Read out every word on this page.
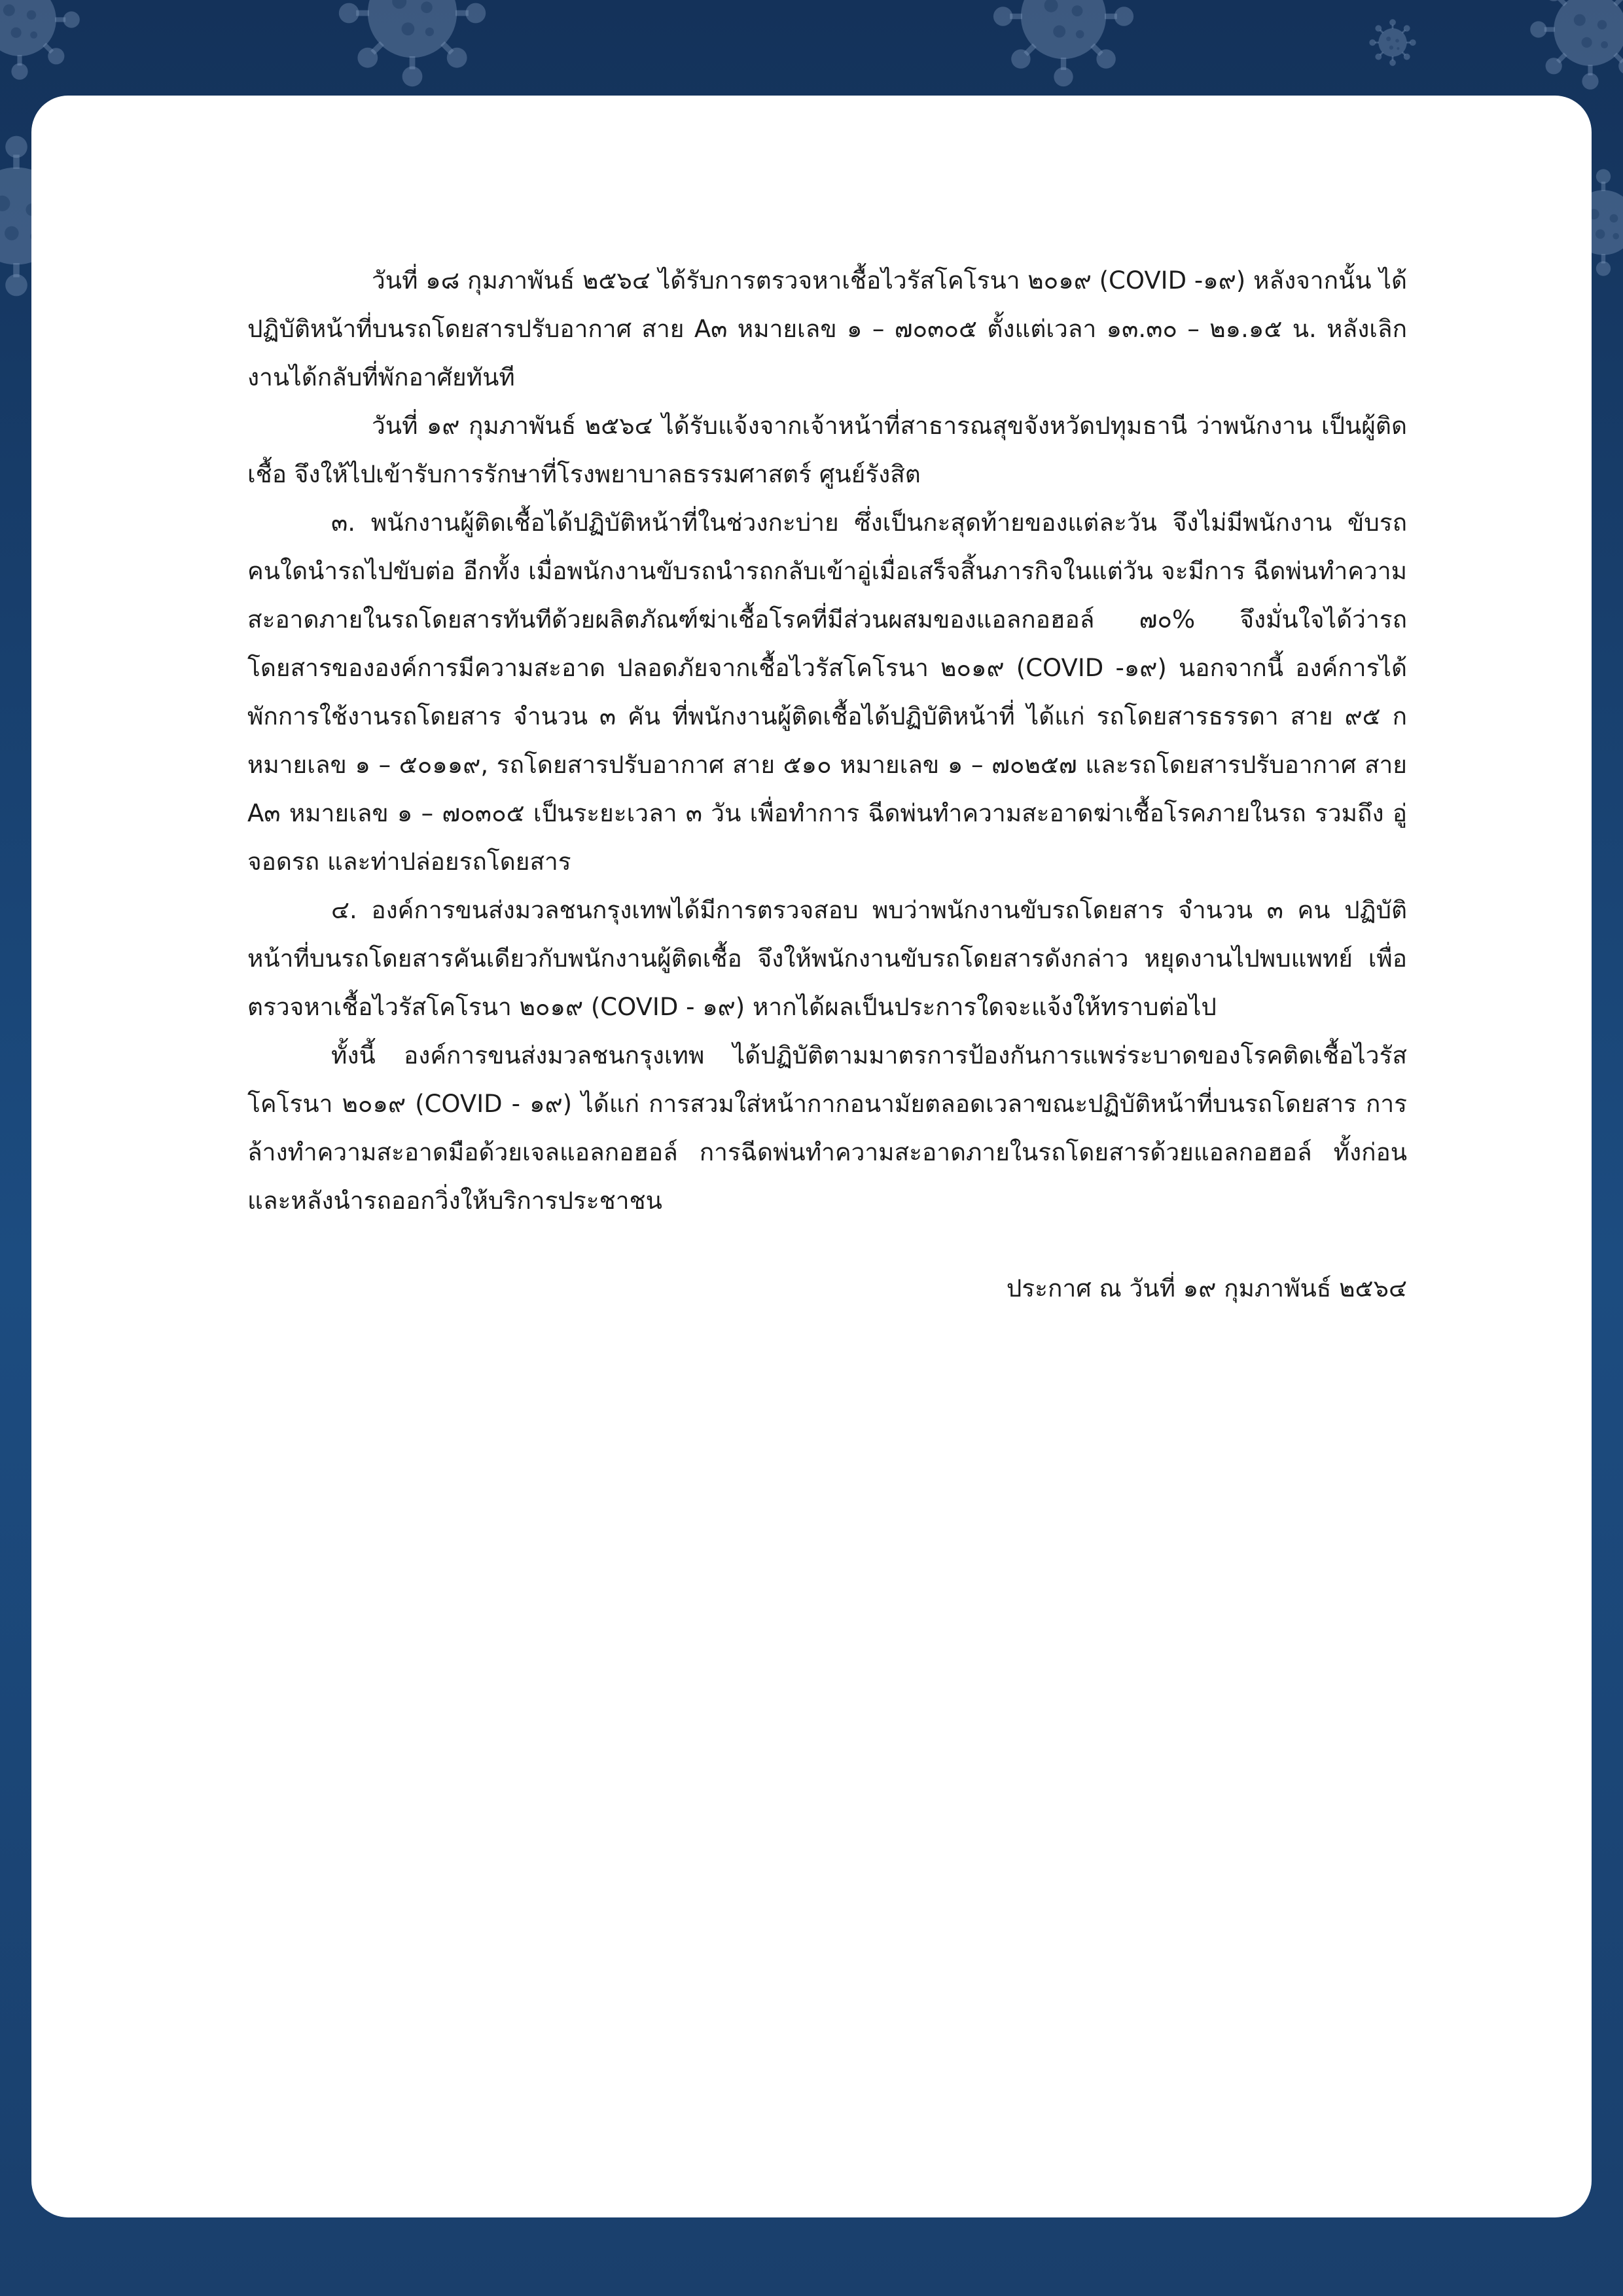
วันที่ ๑๘ กุมภาพันธ์ ๒๕๖๔ ได้รับการตรวจหาเชื้อไวรัสโคโรนา ๒๐๑๙ (COVID -๑๙) หลังจากนั้น ได้ปฏิบัติหน้าที่บนรถโดยสารปรับอากาศ สาย A๓ หมายเลข ๑ – ๗๐๓๐๕ ตั้งแต่เวลา ๑๓.๓๐ – ๒๑.๑๕ น. หลังเลิกงานได้กลับที่พักอาศัยทันที

วันที่ ๑๙ กุมภาพันธ์ ๒๕๖๔ ได้รับแจ้งจากเจ้าหน้าที่สาธารณสุขจังหวัดปทุมธานี ว่าพนักงาน เป็นผู้ติดเชื้อ จึงให้ไปเข้ารับการรักษาที่โรงพยาบาลธรรมศาสตร์ ศูนย์รังสิต

๓. พนักงานผู้ติดเชื้อได้ปฏิบัติหน้าที่ในช่วงกะบ่าย ซึ่งเป็นกะสุดท้ายของแต่ละวัน จึงไม่มีพนักงาน ขับรถคนใดนำรถไปขับต่อ อีกทั้ง เมื่อพนักงานขับรถนำรถกลับเข้าอู่เมื่อเสร็จสิ้นภารกิจในแต่วัน จะมีการ ฉีดพ่นทำความสะอาดภายในรถโดยสารทันทีด้วยผลิตภัณฑ์ฆ่าเชื้อโรคที่มีส่วนผสมของแอลกอฮอล์ ๗๐% จึงมั่นใจได้ว่ารถโดยสารขององค์การมีความสะอาด ปลอดภัยจากเชื้อไวรัสโคโรนา ๒๐๑๙ (COVID -๑๙) นอกจากนี้ องค์การได้พักการใช้งานรถโดยสาร จำนวน ๓ คัน ที่พนักงานผู้ติดเชื้อได้ปฏิบัติหน้าที่ ได้แก่ รถโดยสารธรรดา สาย ๙๕ ก หมายเลข ๑ – ๕๐๑๑๙, รถโดยสารปรับอากาศ สาย ๕๑๐ หมายเลข ๑ – ๗๐๒๕๗ และรถโดยสารปรับอากาศ สาย A๓ หมายเลข ๑ – ๗๐๓๐๕ เป็นระยะเวลา ๓ วัน เพื่อทำการ ฉีดพ่นทำความสะอาดฆ่าเชื้อโรคภายในรถ รวมถึง อู่จอดรถ และท่าปล่อยรถโดยสาร

๔. องค์การขนส่งมวลชนกรุงเทพได้มีการตรวจสอบ พบว่าพนักงานขับรถโดยสาร จำนวน ๓ คน ปฏิบัติหน้าที่บนรถโดยสารคันเดียวกับพนักงานผู้ติดเชื้อ จึงให้พนักงานขับรถโดยสารดังกล่าว หยุดงานไปพบแพทย์ เพื่อตรวจหาเชื้อไวรัสโคโรนา ๒๐๑๙ (COVID - ๑๙) หากได้ผลเป็นประการใดจะแจ้งให้ทราบต่อไป

ทั้งนี้ องค์การขนส่งมวลชนกรุงเทพ ได้ปฏิบัติตามมาตรการป้องกันการแพร่ระบาดของโรคติดเชื้อไวรัส โคโรนา ๒๐๑๙ (COVID - ๑๙) ได้แก่ การสวมใส่หน้ากากอนามัยตลอดเวลาขณะปฏิบัติหน้าที่บนรถโดยสาร การล้างทำความสะอาดมือด้วยเจลแอลกอฮอล์ การฉีดพ่นทำความสะอาดภายในรถโดยสารด้วยแอลกอฮอล์ ทั้งก่อนและหลังนำรถออกวิ่งให้บริการประชาชน

ประกาศ ณ วันที่ ๑๙ กุมภาพันธ์ ๒๕๖๔
